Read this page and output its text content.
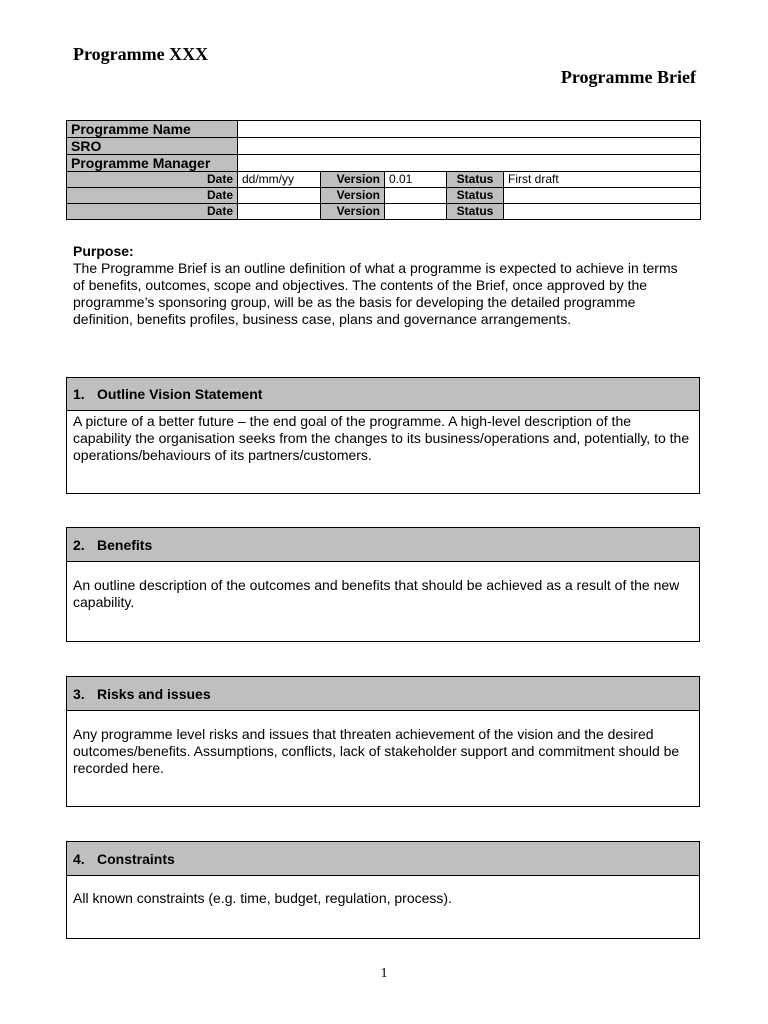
Programme XXX
Programme Brief
Programme Name					
SRO					
Programme Manager					
Date	dd/mm/yy	Version	0.01	Status	First draft
Date		Version		Status	
Date		Version		Status	
Purpose:
The Programme Brief is an outline definition of what a programme is expected to achieve in terms of benefits, outcomes, scope and objectives. The contents of the Brief, once approved by the programme’s sponsoring group, will be as the basis for developing the detailed programme definition, benefits profiles, business case, plans and governance arrangements.
1. Outline Vision Statement
A picture of a better future – the end goal of the programme. A high-level description of the capability the organisation seeks from the changes to its business/operations and, potentially, to the operations/behaviours of its partners/customers.
2. Benefits
An outline description of the outcomes and benefits that should be achieved as a result of the new capability.
3. Risks and issues
Any programme level risks and issues that threaten achievement of the vision and the desired outcomes/benefits. Assumptions, conflicts, lack of stakeholder support and commitment should be recorded here.
4. Constraints
All known constraints (e.g. time, budget, regulation, process).
1
